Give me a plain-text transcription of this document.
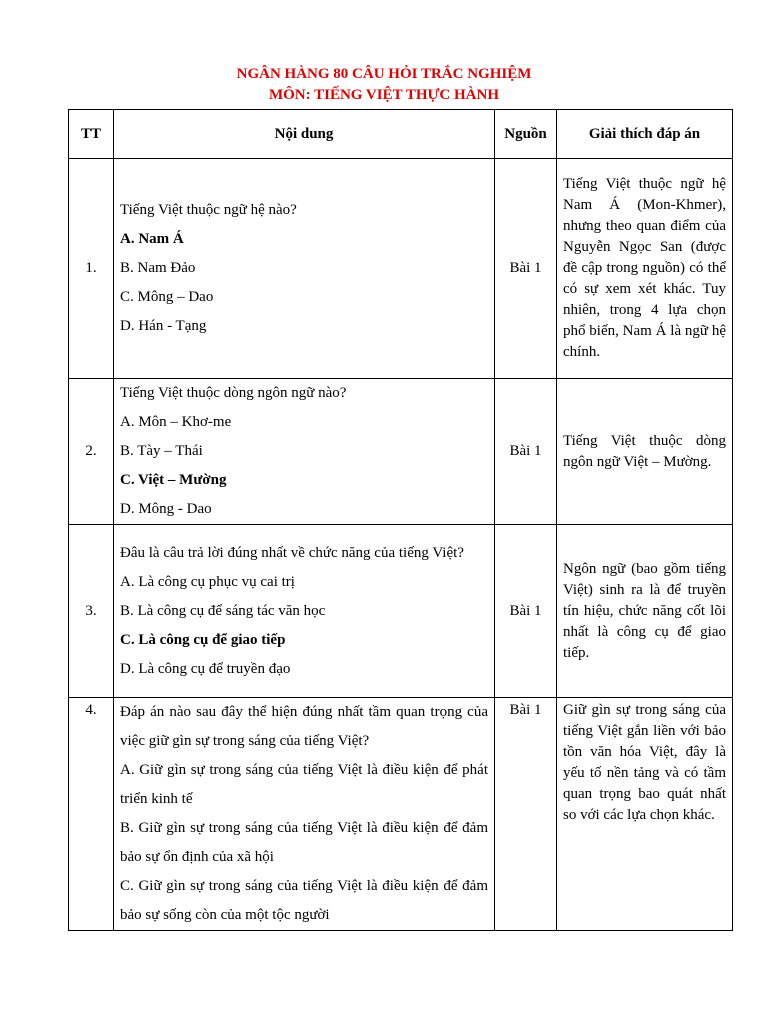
NGÂN HÀNG 80 CÂU HỎI TRẮC NGHIỆM
MÔN: TIẾNG VIỆT THỰC HÀNH
TT	Nội dung	Nguồn	Giải thích đáp án
1.	Tiếng Việt thuộc ngữ hệ nào?
A. Nam Á
B. Nam Đảo
C. Mông – Dao
D. Hán - Tạng	Bài 1	Tiếng Việt thuộc ngữ hệ Nam Á (Mon-Khmer), nhưng theo quan điểm của Nguyễn Ngọc San (được đề cập trong nguồn) có thể có sự xem xét khác. Tuy nhiên, trong 4 lựa chọn phổ biến, Nam Á là ngữ hệ chính.
2.	Tiếng Việt thuộc dòng ngôn ngữ nào?
A. Môn – Khơ-me
B. Tày – Thái
C. Việt – Mường
D. Mông - Dao	Bài 1	Tiếng Việt thuộc dòng ngôn ngữ Việt – Mường.
3.	Đâu là câu trả lời đúng nhất về chức năng của tiếng Việt?
A. Là công cụ phục vụ cai trị
B. Là công cụ để sáng tác văn học
C. Là công cụ để giao tiếp
D. Là công cụ để truyền đạo	Bài 1	Ngôn ngữ (bao gồm tiếng Việt) sinh ra là để truyền tín hiệu, chức năng cốt lõi nhất là công cụ để giao tiếp.
4.	Đáp án nào sau đây thể hiện đúng nhất tầm quan trọng của việc giữ gìn sự trong sáng của tiếng Việt?
A. Giữ gìn sự trong sáng của tiếng Việt là điều kiện để phát triển kinh tế
B. Giữ gìn sự trong sáng của tiếng Việt là điều kiện để đảm bảo sự ổn định của xã hội
C. Giữ gìn sự trong sáng của tiếng Việt là điều kiện để đảm bảo sự sống còn của một tộc người	Bài 1	Giữ gìn sự trong sáng của tiếng Việt gắn liền với bảo tồn văn hóa Việt, đây là yếu tố nền tảng và có tầm quan trọng bao quát nhất so với các lựa chọn khác.
